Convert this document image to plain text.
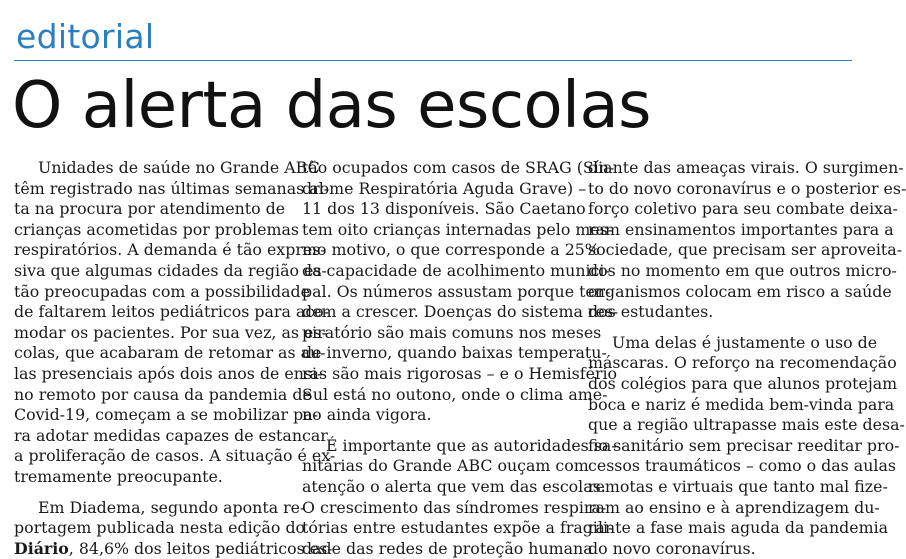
editorial
O alerta das escolas
Unidades de saúde no Grande ABC
têm registrado nas últimas semanas al-
ta na procura por atendimento de
crianças acometidas por problemas
respiratórios. A demanda é tão expres-
siva que algumas cidades da região es-
tão preocupadas com a possibilidade
de faltarem leitos pediátricos para aco-
modar os pacientes. Por sua vez, as es-
colas, que acabaram de retomar as au-
las presenciais após dois anos de ensi-
no remoto por causa da pandemia de
Covid-19, começam a se mobilizar pa-
ra adotar medidas capazes de estancar
a proliferação de casos. A situação é ex-
tremamente preocupante.
Em Diadema, segundo aponta re-
portagem publicada nesta edição do
Diário, 84,6% dos leitos pediátricos es-
tão ocupados com casos de SRAG (Sín-
drome Respiratória Aguda Grave) –
11 dos 13 disponíveis. São Caetano
tem oito crianças internadas pelo mes-
mo motivo, o que corresponde a 25%
da capacidade de acolhimento munici-
pal. Os números assustam porque ten-
dem a crescer. Doenças do sistema res-
piratório são mais comuns nos meses
de inverno, quando baixas temperatu-
ras são mais rigorosas – e o Hemisfério
Sul está no outono, onde o clima ame-
no ainda vigora.
É importante que as autoridades sa-
nitárias do Grande ABC ouçam com
atenção o alerta que vem das escolas.
O crescimento das síndromes respira-
tórias entre estudantes expõe a fragili-
dade das redes de proteção humana
diante das ameaças virais. O surgimen-
to do novo coronavírus e o posterior es-
forço coletivo para seu combate deixa-
ram ensinamentos importantes para a
sociedade, que precisam ser aproveita-
dos no momento em que outros micro-
organismos colocam em risco a saúde
dos estudantes.
Uma delas é justamente o uso de
máscaras. O reforço na recomendação
dos colégios para que alunos protejam
boca e nariz é medida bem-vinda para
que a região ultrapasse mais este desa-
fio sanitário sem precisar reeditar pro-
cessos traumáticos – como o das aulas
remotas e virtuais que tanto mal fize-
ram ao ensino e à aprendizagem du-
rante a fase mais aguda da pandemia
do novo coronavírus.
